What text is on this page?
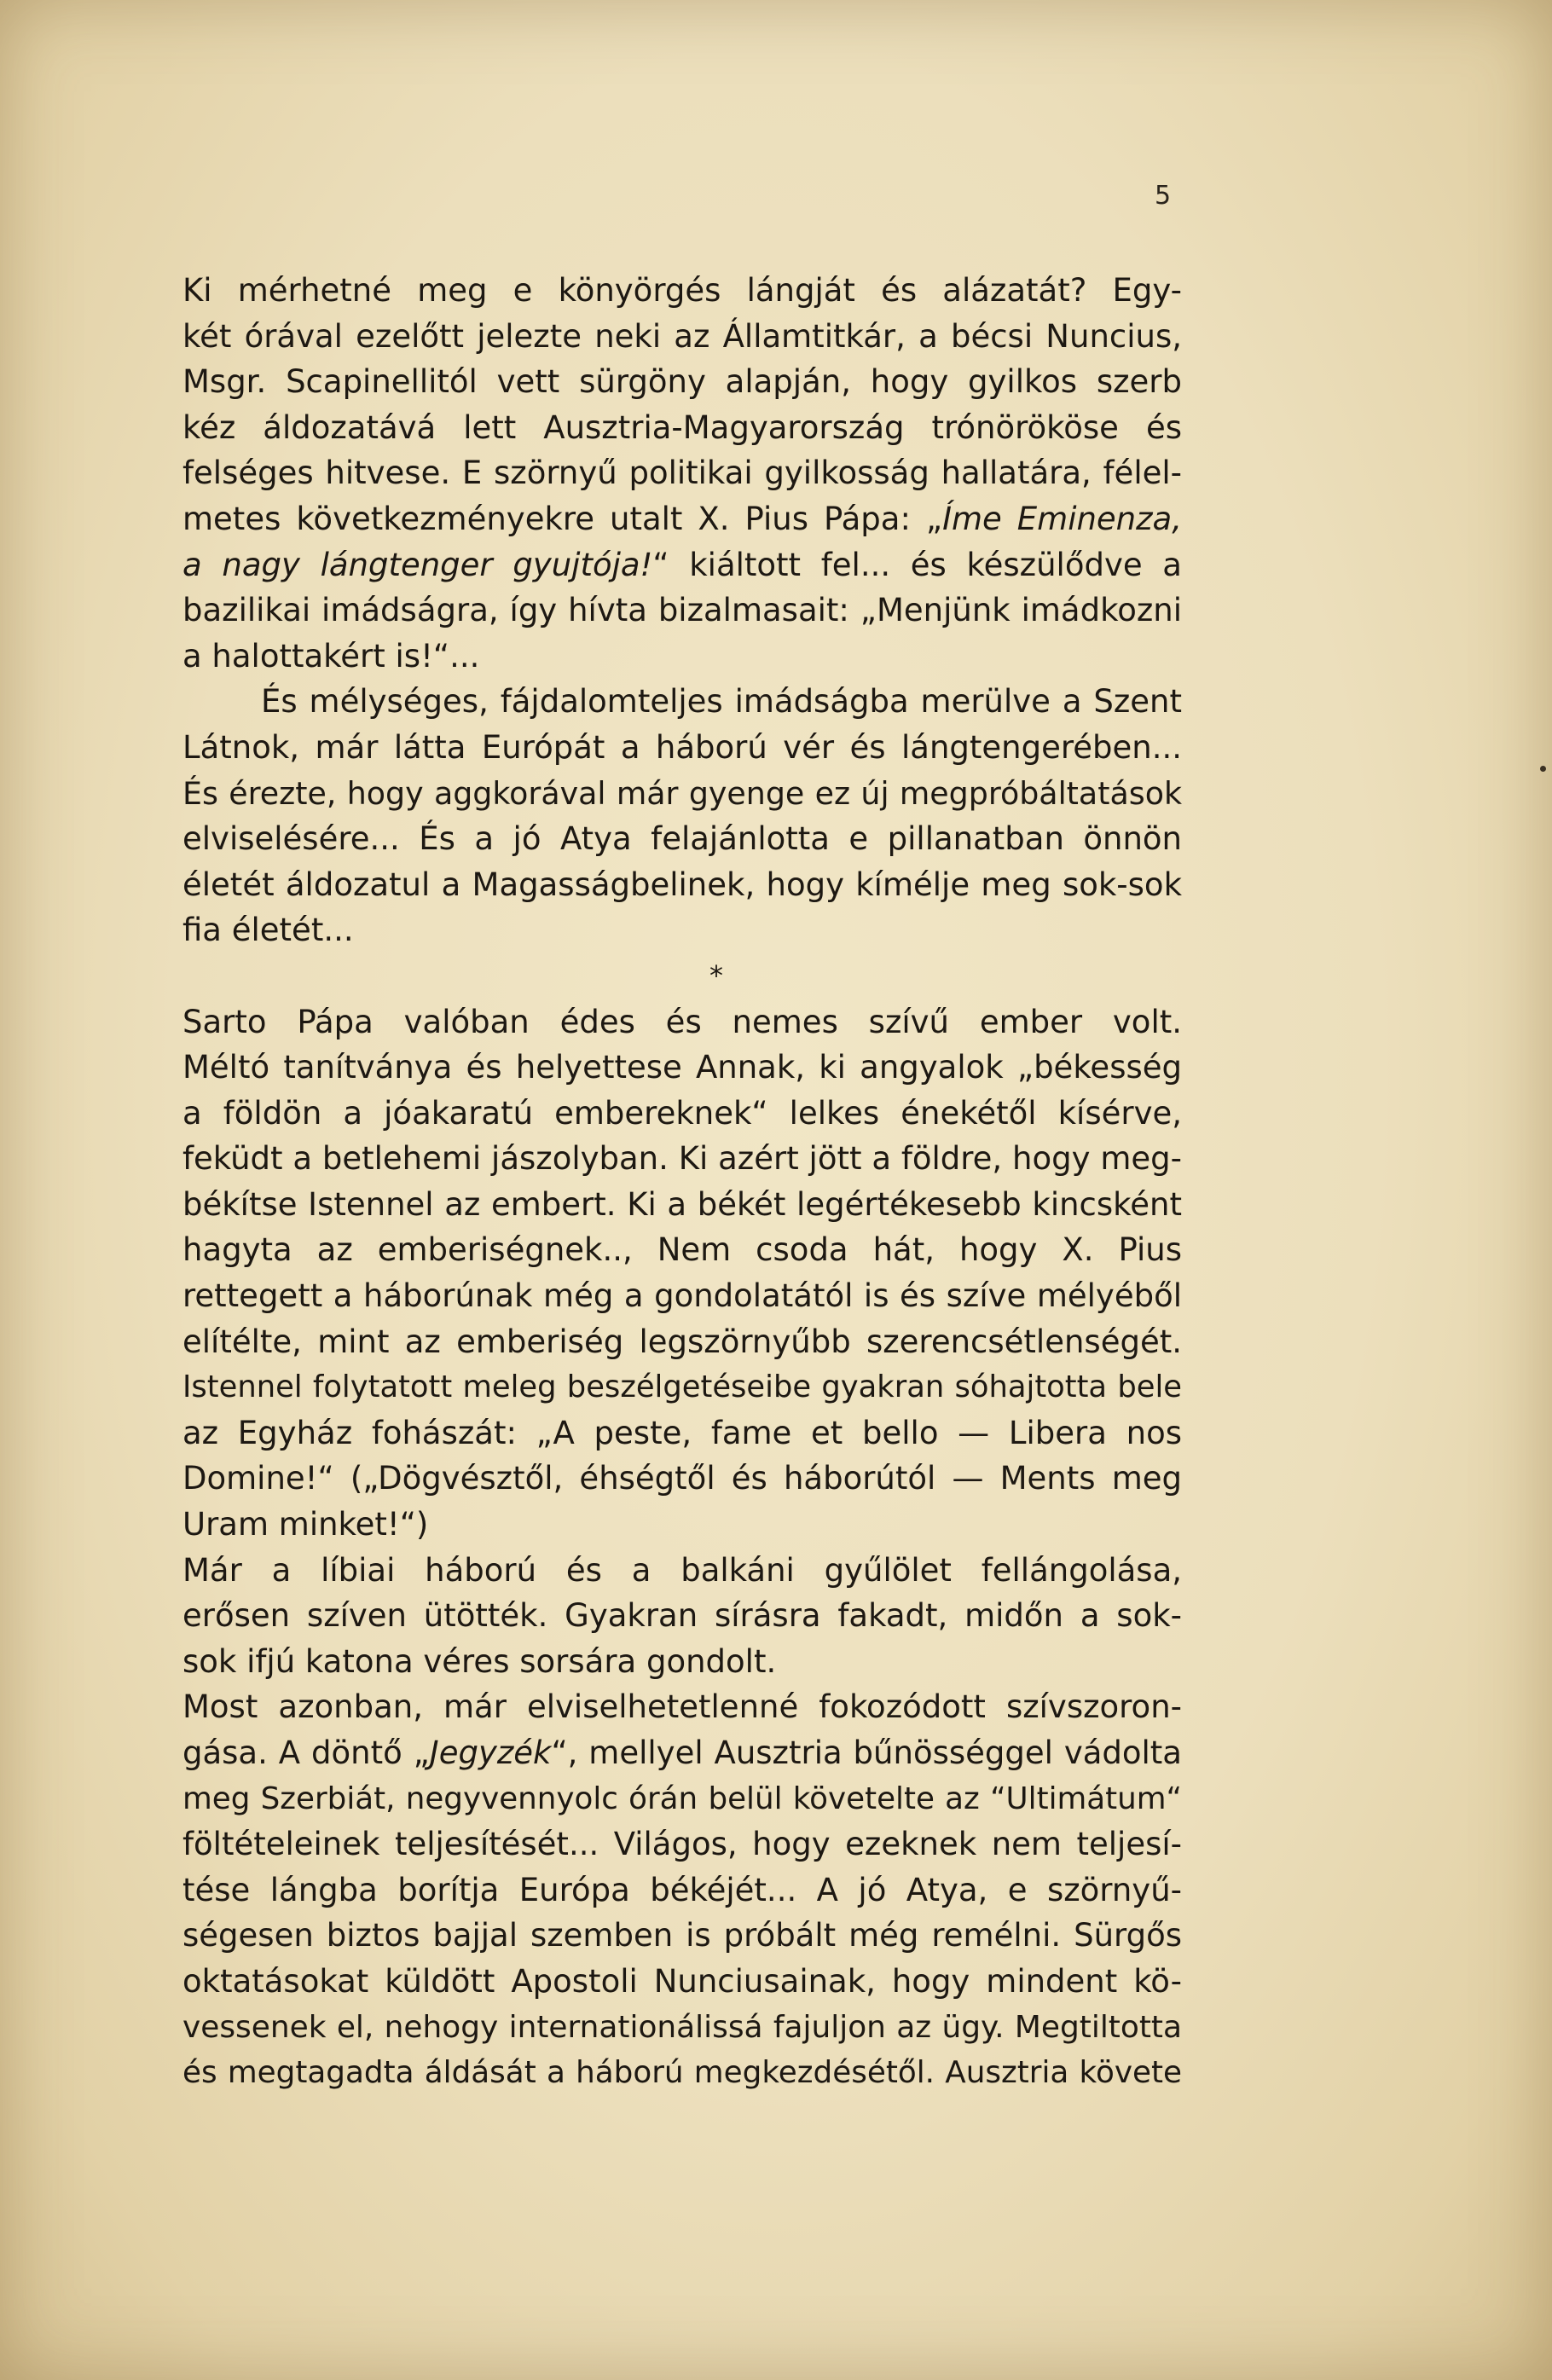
5
Ki mérhetné meg e könyörgés lángját és alázatát? Egy-
két órával ezelőtt jelezte neki az Államtitkár, a bécsi Nuncius,
Msgr. Scapinellitól vett sürgöny alapján, hogy gyilkos szerb
kéz áldozatává lett Ausztria-Magyarország trónörököse és
felséges hitvese. E szörnyű politikai gyilkosság hallatára, félel-
metes következményekre utalt X. Pius Pápa: „Íme Eminenza,
a nagy lángtenger gyujtója!“ kiáltott fel... és készülődve a
bazilikai imádságra, így hívta bizalmasait: „Menjünk imádkozni
a halottakért is!“...
És mélységes, fájdalomteljes imádságba merülve a Szent
Látnok, már látta Európát a háború vér és lángtengerében...
És érezte, hogy aggkorával már gyenge ez új megpróbáltatások
elviselésére... És a jó Atya felajánlotta e pillanatban önnön
életét áldozatul a Magasságbelinek, hogy kímélje meg sok-sok
fia életét...
*
Sarto Pápa valóban édes és nemes szívű ember volt.
Méltó tanítványa és helyettese Annak, ki angyalok „békesség
a földön a jóakaratú embereknek“ lelkes énekétől kísérve,
feküdt a betlehemi jászolyban. Ki azért jött a földre, hogy meg-
békítse Istennel az embert. Ki a békét legértékesebb kincsként
hagyta az emberiségnek.., Nem csoda hát, hogy X. Pius
rettegett a háborúnak még a gondolatától is és szíve mélyéből
elítélte, mint az emberiség legszörnyűbb szerencsétlenségét.
Istennel folytatott meleg beszélgetéseibe gyakran sóhajtotta bele
az Egyház fohászát: „A peste, fame et bello — Libera nos
Domine!“ („Dögvésztől, éhségtől és háborútól — Ments meg
Uram minket!“)
Már a líbiai háború és a balkáni gyűlölet fellángolása,
erősen szíven ütötték. Gyakran sírásra fakadt, midőn a sok-
sok ifjú katona véres sorsára gondolt.
Most azonban, már elviselhetetlenné fokozódott szívszoron-
gása. A döntő „Jegyzék“, mellyel Ausztria bűnösséggel vádolta
meg Szerbiát, negyvennyolc órán belül követelte az “Ultimátum“
föltételeinek teljesítését... Világos, hogy ezeknek nem teljesí-
tése lángba borítja Európa békéjét... A jó Atya, e szörnyű-
ségesen biztos bajjal szemben is próbált még remélni. Sürgős
oktatásokat küldött Apostoli Nunciusainak, hogy mindent kö-
vessenek el, nehogy internationálissá fajuljon az ügy. Megtiltotta
és megtagadta áldását a háború megkezdésétől. Ausztria követe
